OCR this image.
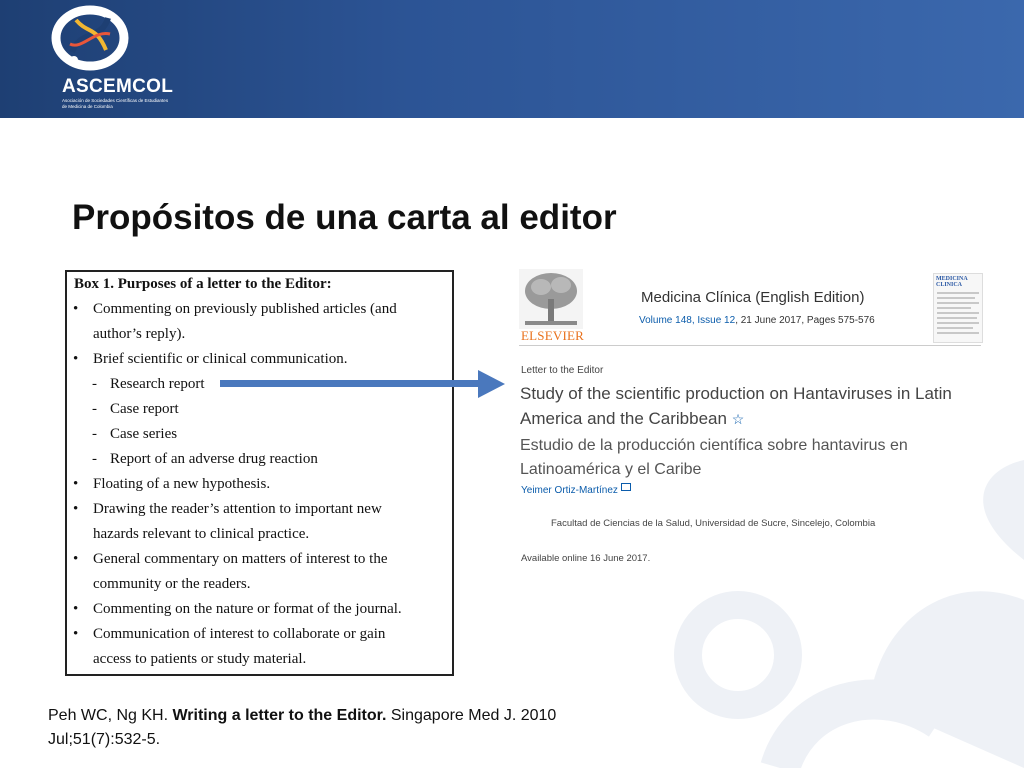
ASCEMCOL
Asociación de Sociedades Científicas de Estudiantes de Medicina de Colombia
Propósitos de una carta al editor
Box 1. Purposes of a letter to the Editor:
• Commenting on previously published articles (and
author’s reply).
• Brief scientific or clinical communication.
- Research report
- Case report
- Case series
- Report of an adverse drug reaction
• Floating of a new hypothesis.
• Drawing the reader’s attention to important new
hazards relevant to clinical practice.
• General commentary on matters of interest to the
community or the readers.
• Commenting on the nature or format of the journal.
• Communication of interest to collaborate or gain
access to patients or study material.
ELSEVIER
Medicina Clínica (English Edition)
Volume 148, Issue 12, 21 June 2017, Pages 575-576
MEDICINA CLINICA
Letter to the Editor
Study of the scientific production on Hantaviruses in Latin America and the Caribbean ☆
Estudio de la producción científica sobre hantavirus en Latinoamérica y el Caribe
Yeimer Ortiz-Martínez
Facultad de Ciencias de la Salud, Universidad de Sucre, Sincelejo, Colombia
Available online 16 June 2017.
Peh WC, Ng KH. Writing a letter to the Editor. Singapore Med J. 2010 Jul;51(7):532-5.
